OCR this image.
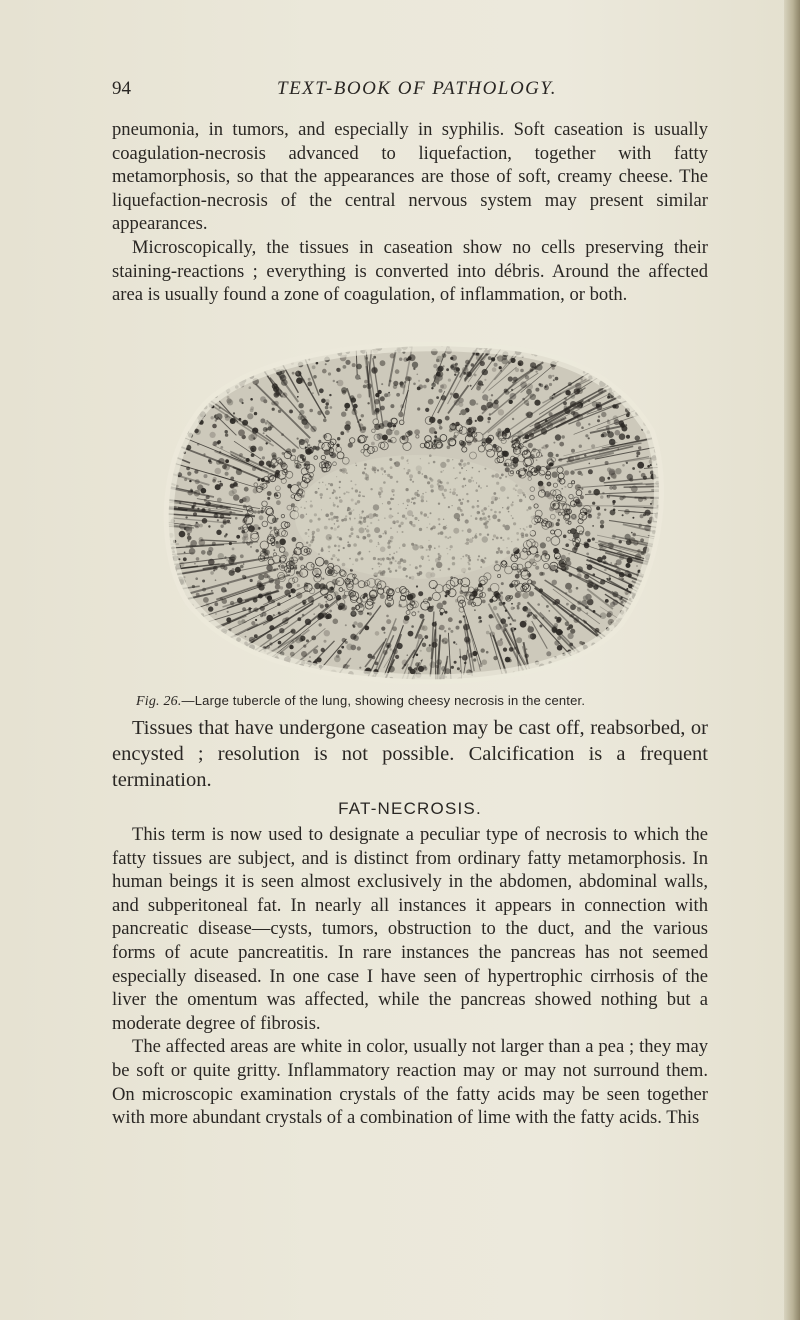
94	TEXT-BOOK OF PATHOLOGY.

pneumonia, in tumors, and especially in syphilis. Soft caseation is usually coagulation-necrosis advanced to liquefaction, together with fatty metamorphosis, so that the appearances are those of soft, creamy cheese. The liquefaction-necrosis of the central nervous system may present similar appearances.

Microscopically, the tissues in caseation show no cells preserving their staining-reactions ; everything is converted into débris. Around the affected area is usually found a zone of coagulation, of inflammation, or both.

Fig. 26.—Large tubercle of the lung, showing cheesy necrosis in the center.

Tissues that have undergone caseation may be cast off, reabsorbed, or encysted ; resolution is not possible. Calcification is a frequent termination.

FAT-NECROSIS.

This term is now used to designate a peculiar type of necrosis to which the fatty tissues are subject, and is distinct from ordinary fatty metamorphosis. In human beings it is seen almost exclusively in the abdomen, abdominal walls, and subperitoneal fat. In nearly all instances it appears in connection with pancreatic disease—cysts, tumors, obstruction to the duct, and the various forms of acute pancreatitis. In rare instances the pancreas has not seemed especially diseased. In one case I have seen of hypertrophic cirrhosis of the liver the omentum was affected, while the pancreas showed nothing but a moderate degree of fibrosis.

The affected areas are white in color, usually not larger than a pea ; they may be soft or quite gritty. Inflammatory reaction may or may not surround them. On microscopic examination crystals of the fatty acids may be seen together with more abundant crystals of a combination of lime with the fatty acids. This
